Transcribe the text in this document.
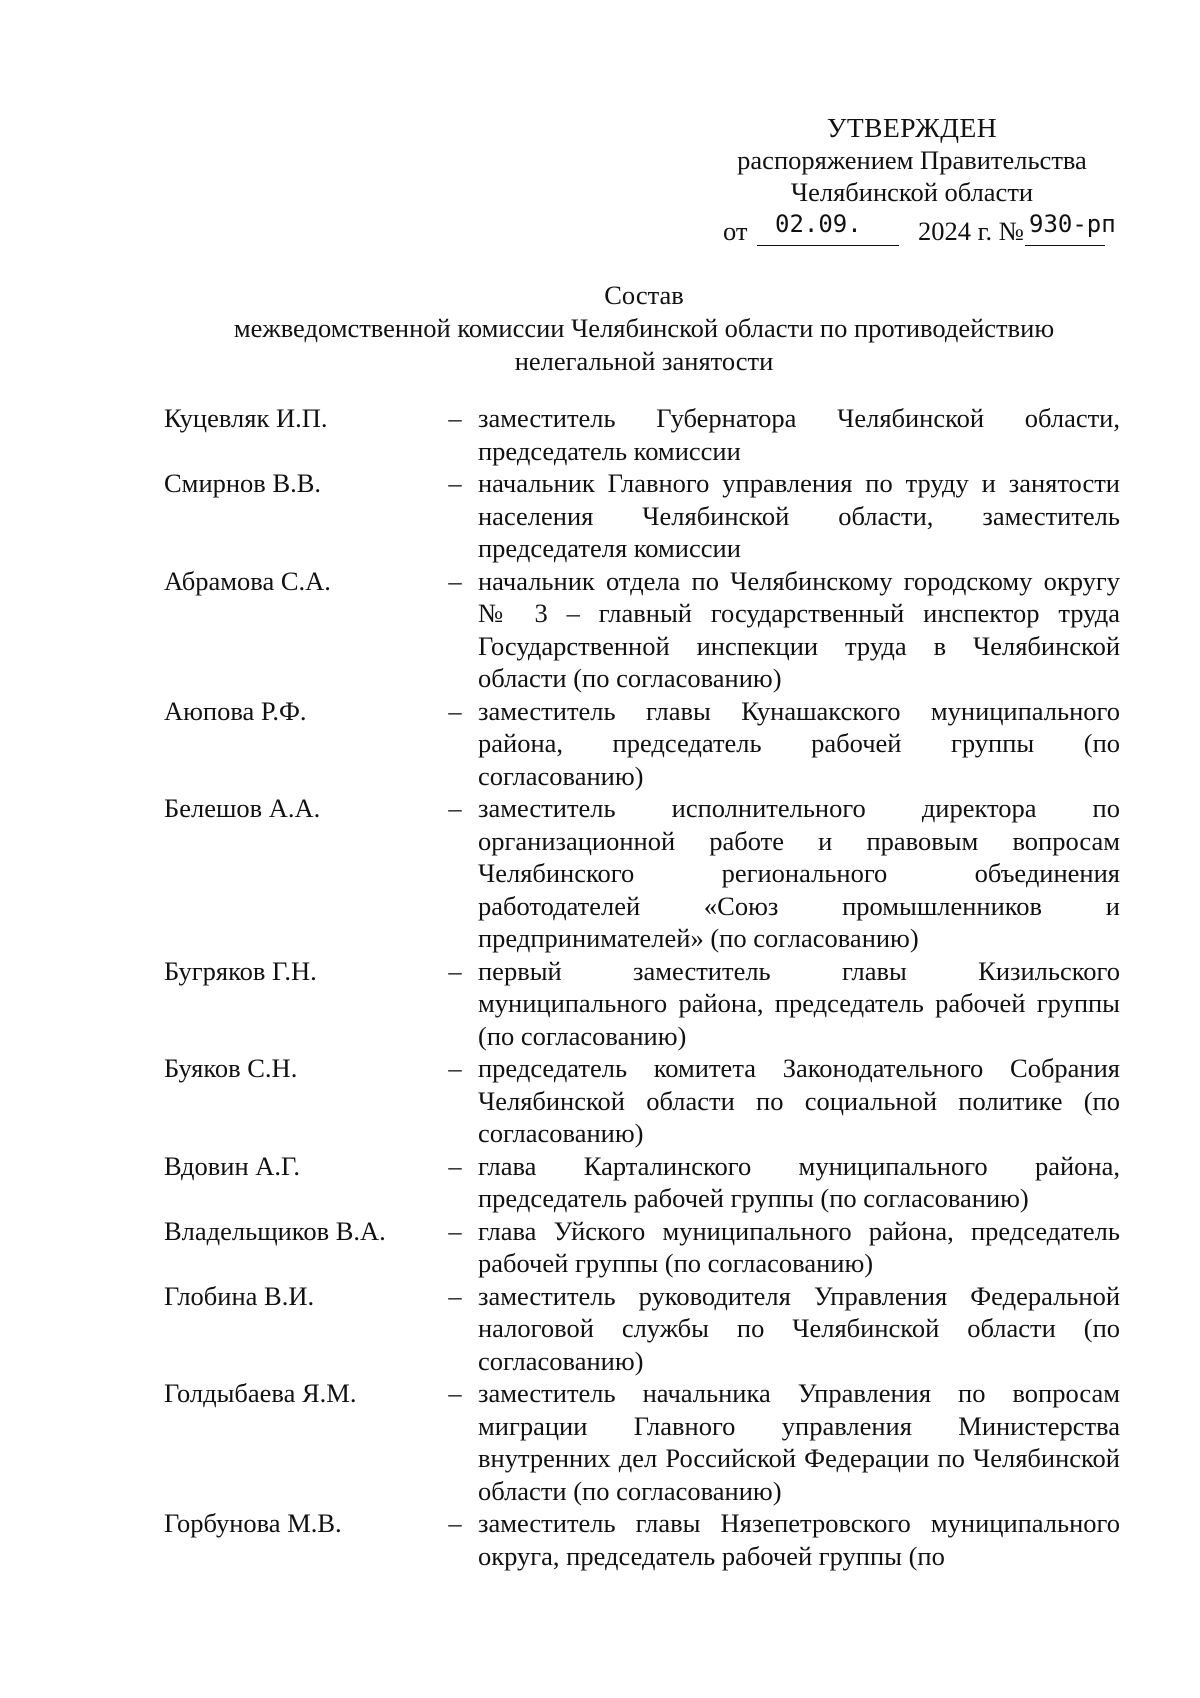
УТВЕРЖДЕН
распоряжением Правительства
Челябинской области
от 02.09. 2024 г. № 930-рп
Состав
межведомственной комиссии Челябинской области по противодействию
нелегальной занятости
Куцевляк И.П.	– заместитель Губернатора Челябинской области, председатель комиссии
Смирнов В.В.	– начальник Главного управления по труду и занятости населения Челябинской области, заместитель председателя комиссии
Абрамова С.А.	– начальник отдела по Челябинскому городскому округу № 3 – главный государственный инспектор труда Государственной инспекции труда в Челябинской области (по согласованию)
Аюпова Р.Ф.	– заместитель главы Кунашакского муниципального района, председатель рабочей группы (по согласованию)
Белешов А.А.	– заместитель исполнительного директора по организационной работе и правовым вопросам Челябинского регионального объединения работодателей «Союз промышленников и предпринимателей» (по согласованию)
Бугряков Г.Н.	– первый заместитель главы Кизильского муниципального района, председатель рабочей группы (по согласованию)
Буяков С.Н.	– председатель комитета Законодательного Собрания Челябинской области по социальной политике (по согласованию)
Вдовин А.Г.	– глава Карталинского муниципального района, председатель рабочей группы (по согласованию)
Владельщиков В.А.	– глава Уйского муниципального района, председатель рабочей группы (по согласованию)
Глобина В.И.	– заместитель руководителя Управления Федеральной налоговой службы по Челябинской области (по согласованию)
Голдыбаева Я.М.	– заместитель начальника Управления по вопросам миграции Главного управления Министерства внутренних дел Российской Федерации по Челябинской области (по согласованию)
Горбунова М.В.	– заместитель главы Нязепетровского муниципального округа, председатель рабочей группы (по
